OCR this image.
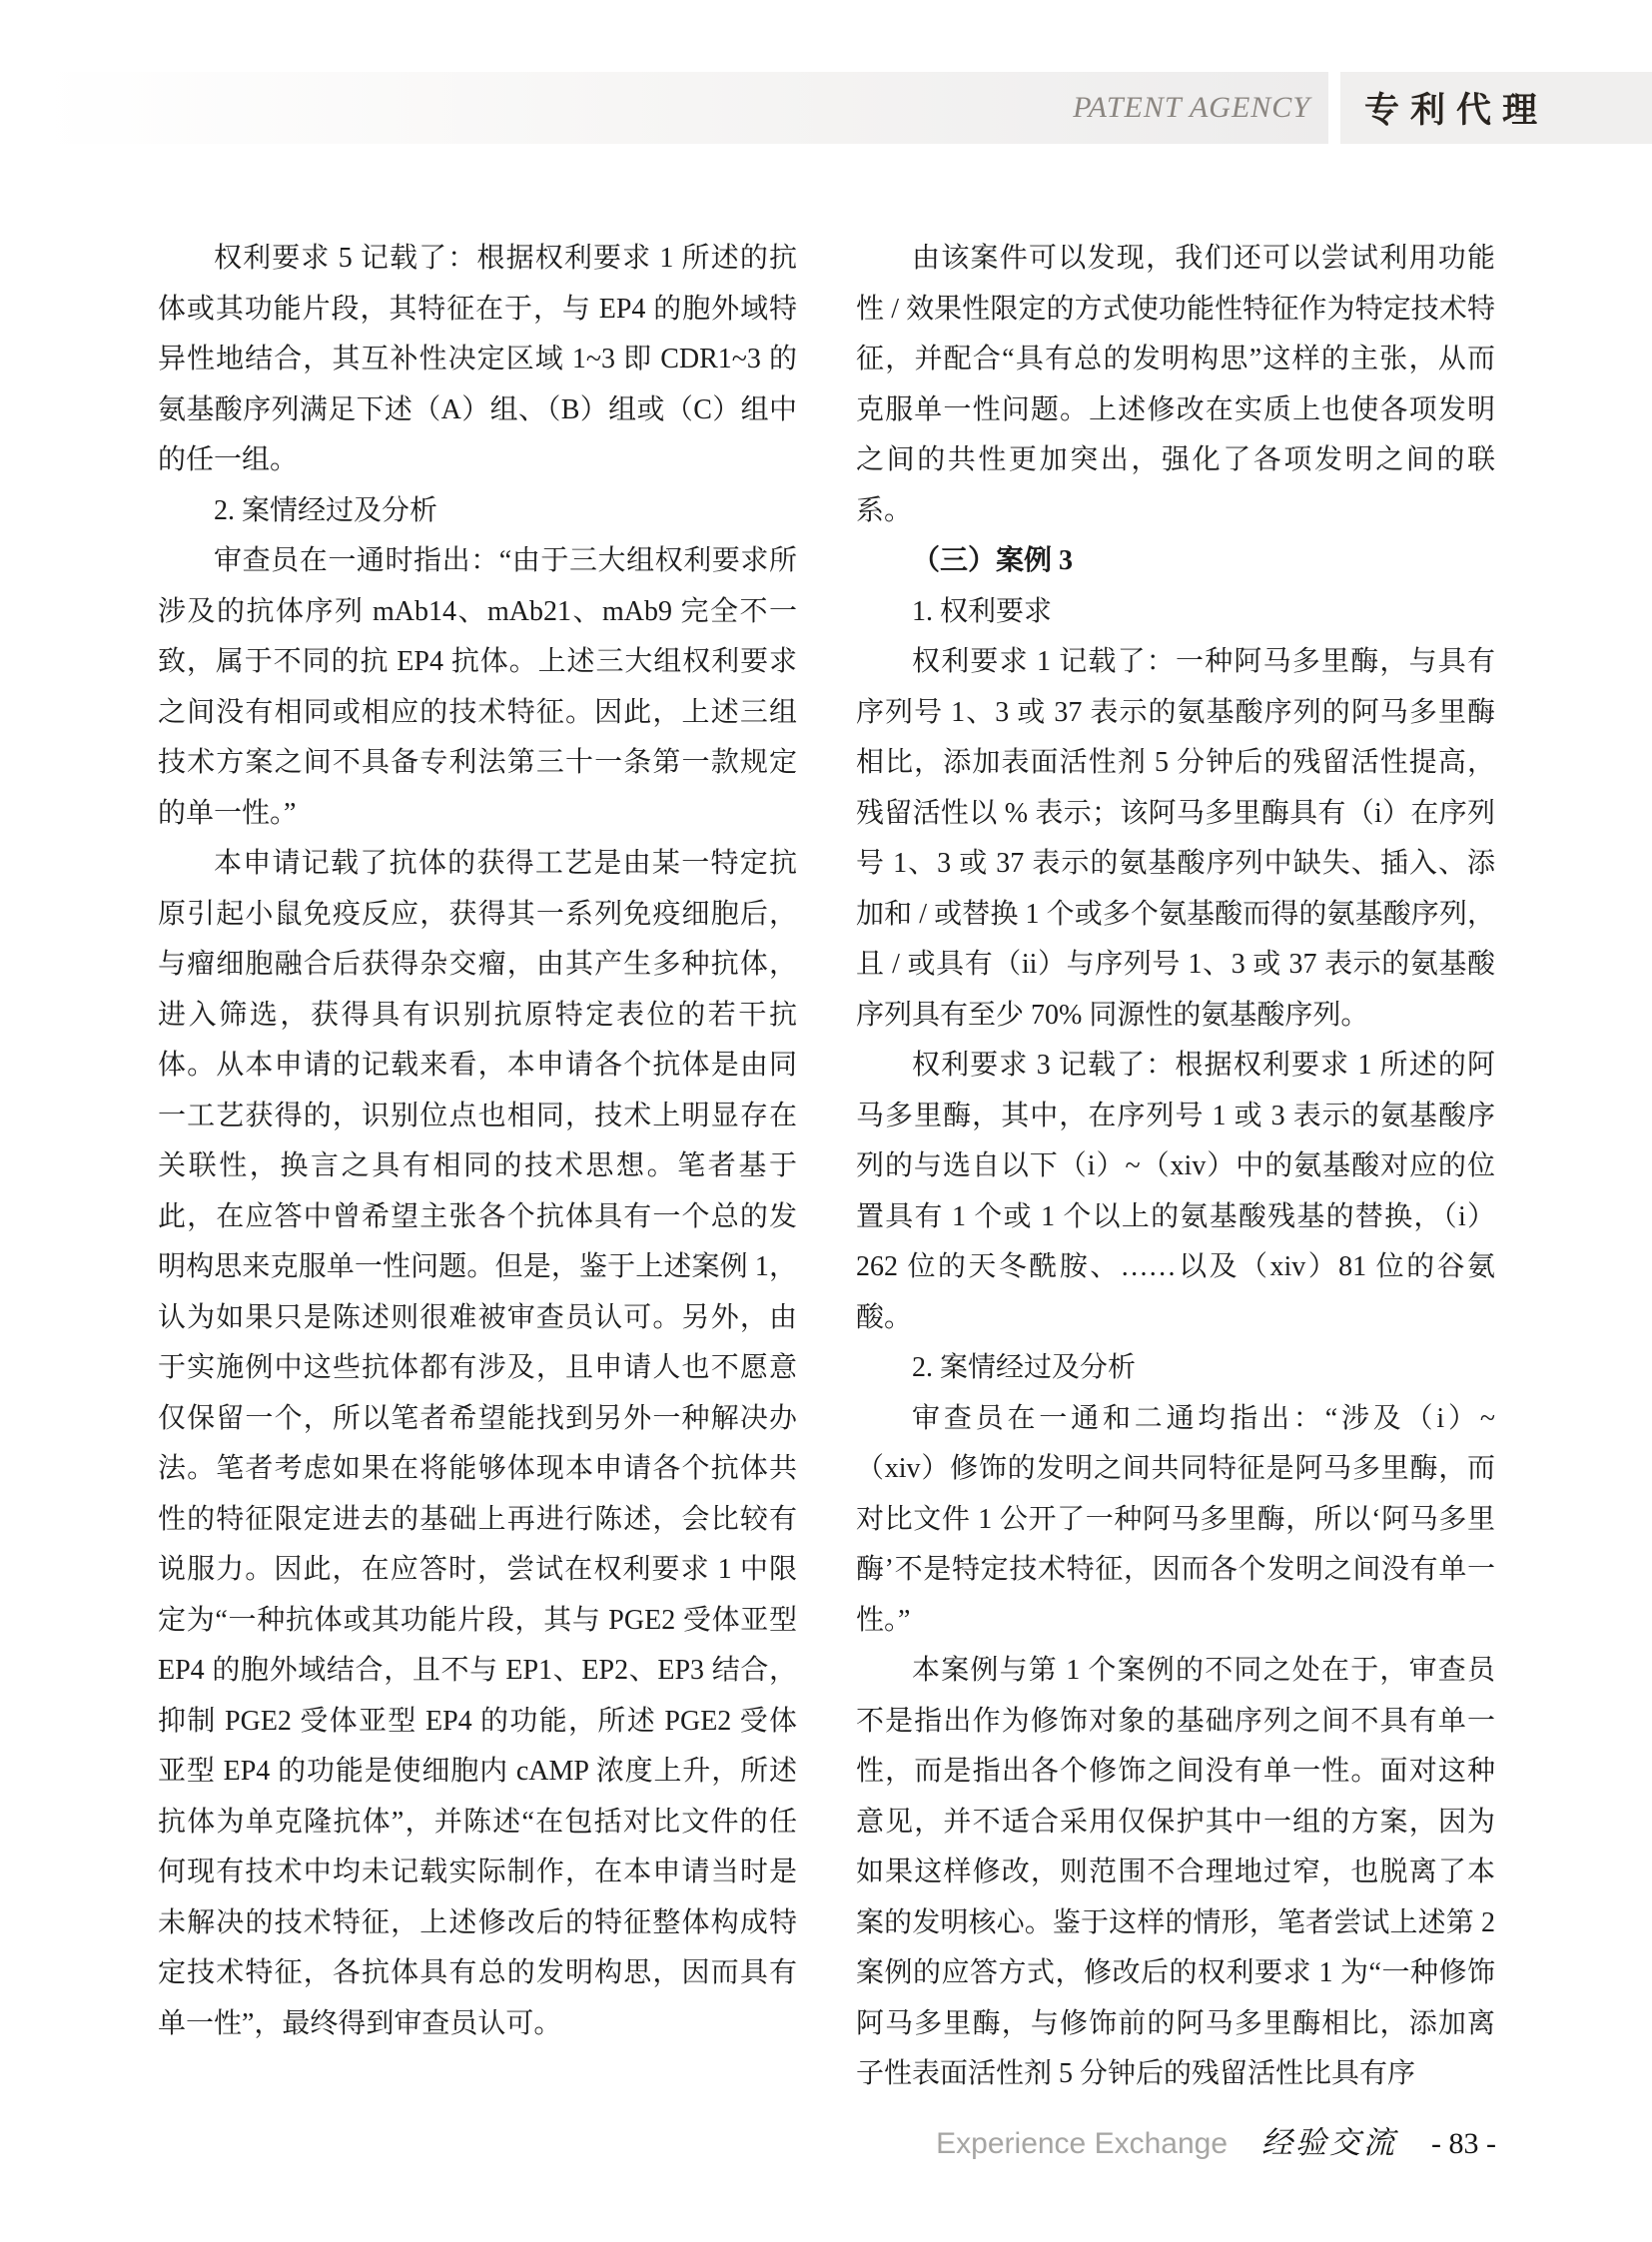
PATENT AGENCY 专利代理
权利要求 5 记载了：根据权利要求 1 所述的抗体或其功能片段，其特征在于，与 EP4 的胞外域特异性地结合，其互补性决定区域 1~3 即 CDR1~3 的氨基酸序列满足下述（A）组、（B）组或（C）组中的任一组。
2. 案情经过及分析
审查员在一通时指出：“由于三大组权利要求所涉及的抗体序列 mAb14、mAb21、mAb9 完全不一致，属于不同的抗 EP4 抗体。上述三大组权利要求之间没有相同或相应的技术特征。因此，上述三组技术方案之间不具备专利法第三十一条第一款规定的单一性。”
本申请记载了抗体的获得工艺是由某一特定抗原引起小鼠免疫反应，获得其一系列免疫细胞后，与瘤细胞融合后获得杂交瘤，由其产生多种抗体，进入筛选，获得具有识别抗原特定表位的若干抗体。从本申请的记载来看，本申请各个抗体是由同一工艺获得的，识别位点也相同，技术上明显存在关联性，换言之具有相同的技术思想。笔者基于此，在应答中曾希望主张各个抗体具有一个总的发明构思来克服单一性问题。但是，鉴于上述案例 1，认为如果只是陈述则很难被审查员认可。另外，由于实施例中这些抗体都有涉及，且申请人也不愿意仅保留一个，所以笔者希望能找到另外一种解决办法。笔者考虑如果在将能够体现本申请各个抗体共性的特征限定进去的基础上再进行陈述，会比较有说服力。因此，在应答时，尝试在权利要求 1 中限定为“一种抗体或其功能片段，其与 PGE2 受体亚型 EP4 的胞外域结合，且不与 EP1、EP2、EP3 结合，抑制 PGE2 受体亚型 EP4 的功能，所述 PGE2 受体亚型 EP4 的功能是使细胞内 cAMP 浓度上升，所述抗体为单克隆抗体”，并陈述“在包括对比文件的任何现有技术中均未记载实际制作，在本申请当时是未解决的技术特征，上述修改后的特征整体构成特定技术特征，各抗体具有总的发明构思，因而具有单一性”，最终得到审查员认可。
由该案件可以发现，我们还可以尝试利用功能性 / 效果性限定的方式使功能性特征作为特定技术特征，并配合“具有总的发明构思”这样的主张，从而克服单一性问题。上述修改在实质上也使各项发明之间的共性更加突出，强化了各项发明之间的联系。
（三）案例 3
1. 权利要求
权利要求 1 记载了：一种阿马多里酶，与具有序列号 1、3 或 37 表示的氨基酸序列的阿马多里酶相比，添加表面活性剂 5 分钟后的残留活性提高，残留活性以 % 表示；该阿马多里酶具有（i）在序列号 1、3 或 37 表示的氨基酸序列中缺失、插入、添加和 / 或替换 1 个或多个氨基酸而得的氨基酸序列，且 / 或具有（ii）与序列号 1、3 或 37 表示的氨基酸序列具有至少 70% 同源性的氨基酸序列。
权利要求 3 记载了：根据权利要求 1 所述的阿马多里酶，其中，在序列号 1 或 3 表示的氨基酸序列的与选自以下（i）~（xiv）中的氨基酸对应的位置具有 1 个或 1 个以上的氨基酸残基的替换，（i）262 位的天冬酰胺、……以及（xiv）81 位的谷氨酸。
2. 案情经过及分析
审查员在一通和二通均指出：“涉及（i）~（xiv）修饰的发明之间共同特征是阿马多里酶，而对比文件 1 公开了一种阿马多里酶，所以‘阿马多里酶’不是特定技术特征，因而各个发明之间没有单一性。”
本案例与第 1 个案例的不同之处在于，审查员不是指出作为修饰对象的基础序列之间不具有单一性，而是指出各个修饰之间没有单一性。面对这种意见，并不适合采用仅保护其中一组的方案，因为如果这样修改，则范围不合理地过窄，也脱离了本案的发明核心。鉴于这样的情形，笔者尝试上述第 2 案例的应答方式，修改后的权利要求 1 为“一种修饰阿马多里酶，与修饰前的阿马多里酶相比，添加离子性表面活性剂 5 分钟后的残留活性比具有序
Experience Exchange 经验交流 - 83 -
